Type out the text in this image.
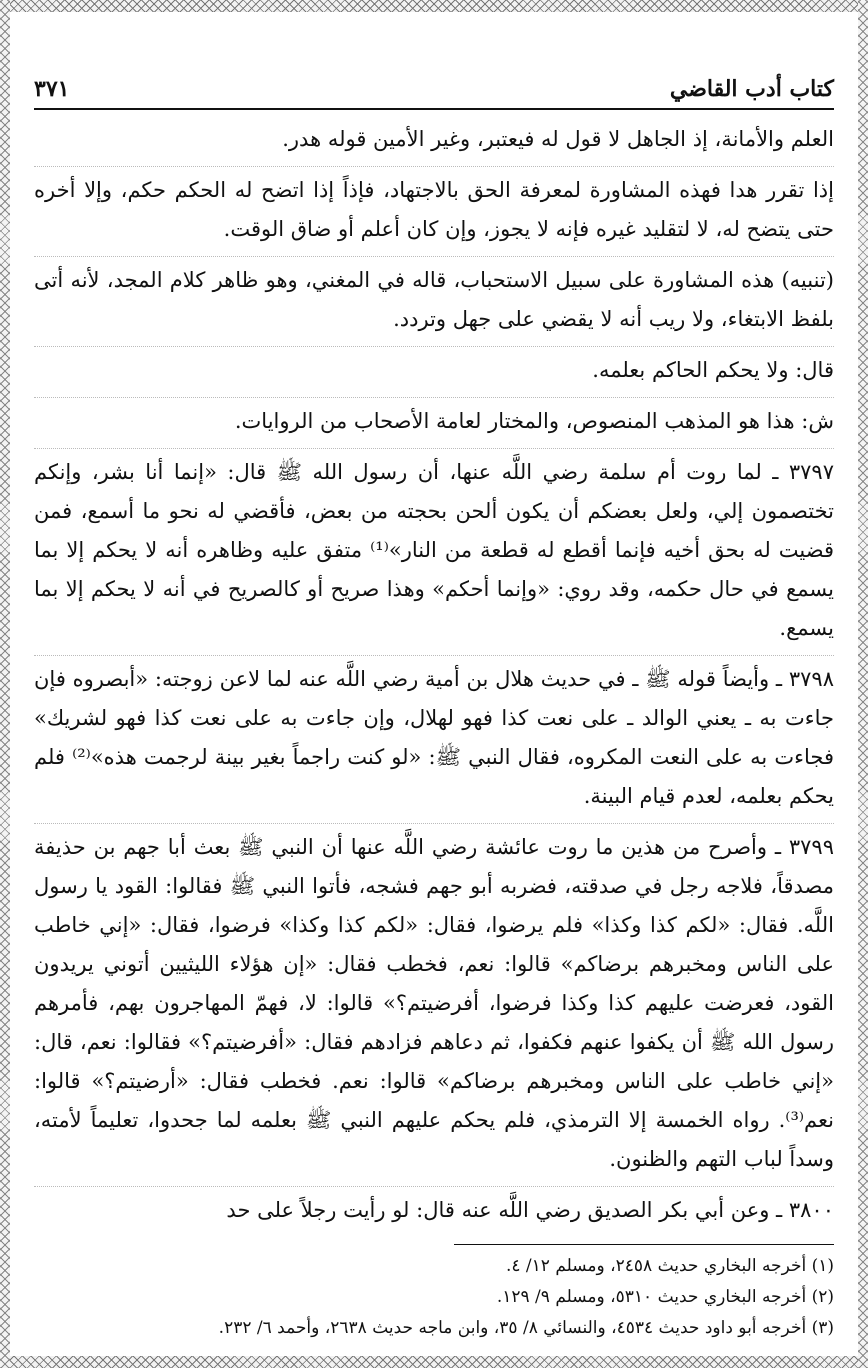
كتاب أدب القاضي
٣٧١

العلم والأمانة، إذ الجاهل لا قول له فيعتبر، وغير الأمين قوله هدر.

إذا تقرر هدا فهذه المشاورة لمعرفة الحق بالاجتهاد، فإذاً إذا اتضح له الحكم حكم، وإلا أخره حتى يتضح له، لا لتقليد غيره فإنه لا يجوز، وإن كان أعلم أو ضاق الوقت.

(تنبيه) هذه المشاورة على سبيل الاستحباب، قاله في المغني، وهو ظاهر كلام المجد، لأنه أتى بلفظ الابتغاء، ولا ريب أنه لا يقضي على جهل وتردد.

قال: ولا يحكم الحاكم بعلمه.

ش: هذا هو المذهب المنصوص، والمختار لعامة الأصحاب من الروايات.

٣٧٩٧ ـ لما روت أم سلمة رضي اللَّه عنها، أن رسول الله ﷺ قال: «إنما أنا بشر، وإنكم تختصمون إلي، ولعل بعضكم أن يكون ألحن بحجته من بعض، فأقضي له نحو ما أسمع، فمن قضيت له بحق أخيه فإنما أقطع له قطعة من النار»⁽¹⁾ متفق عليه وظاهره أنه لا يحكم إلا بما يسمع في حال حكمه، وقد روي: «وإنما أحكم» وهذا صريح أو كالصريح في أنه لا يحكم إلا بما يسمع.

٣٧٩٨ ـ وأيضاً قوله ﷺ ـ في حديث هلال بن أمية رضي اللَّه عنه لما لاعن زوجته: «أبصروه فإن جاءت به ـ يعني الوالد ـ على نعت كذا فهو لهلال، وإن جاءت به على نعت كذا فهو لشريك» فجاءت به على النعت المكروه، فقال النبي ﷺ: «لو كنت راجماً بغير بينة لرجمت هذه»⁽²⁾ فلم يحكم بعلمه، لعدم قيام البينة.

٣٧٩٩ ـ وأصرح من هذين ما روت عائشة رضي اللَّه عنها أن النبي ﷺ بعث أبا جهم بن حذيفة مصدقاً، فلاجه رجل في صدقته، فضربه أبو جهم فشجه، فأتوا النبي ﷺ فقالوا: القود يا رسول اللَّه. فقال: «لكم كذا وكذا» فلم يرضوا، فقال: «لكم كذا وكذا» فرضوا، فقال: «إني خاطب على الناس ومخبرهم برضاكم» قالوا: نعم، فخطب فقال: «إن هؤلاء الليثيين أتوني يريدون القود، فعرضت عليهم كذا وكذا فرضوا، أفرضيتم؟» قالوا: لا، فهمّ المهاجرون بهم، فأمرهم رسول الله ﷺ أن يكفوا عنهم فكفوا، ثم دعاهم فزادهم فقال: «أفرضيتم؟» فقالوا: نعم، قال: «إني خاطب على الناس ومخبرهم برضاكم» قالوا: نعم. فخطب فقال: «أرضيتم؟» قالوا: نعم⁽³⁾. رواه الخمسة إلا الترمذي، فلم يحكم عليهم النبي ﷺ بعلمه لما جحدوا، تعليماً لأمته، وسداً لباب التهم والظنون.

٣٨٠٠ ـ وعن أبي بكر الصديق رضي اللَّه عنه قال: لو رأيت رجلاً على حد

(١) أخرجه البخاري حديث ٢٤٥٨، ومسلم ١٢/ ٤.

(٢) أخرجه البخاري حديث ٥٣١٠، ومسلم ٩/ ١٢٩.

(٣) أخرجه أبو داود حديث ٤٥٣٤، والنسائي ٨/ ٣٥، وابن ماجه حديث ٢٦٣٨، وأحمد ٦/ ٢٣٢.
